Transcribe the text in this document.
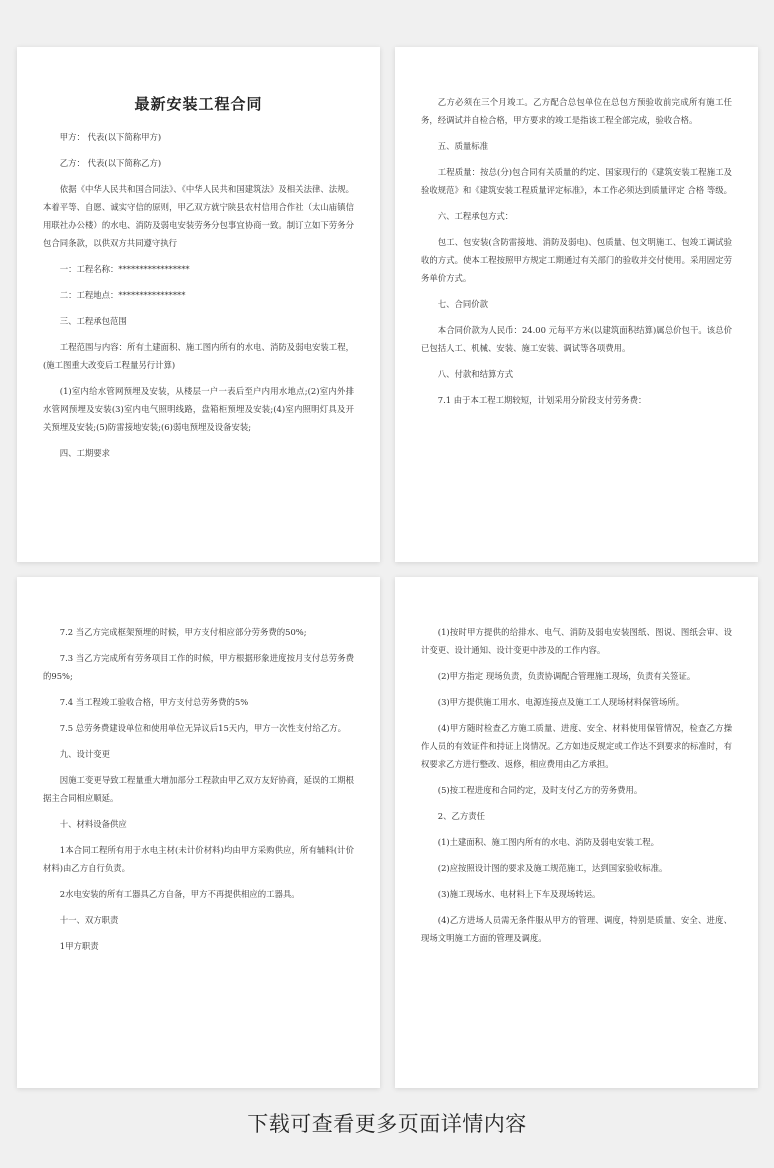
最新安装工程合同

甲方： 代表(以下简称甲方)

乙方： 代表(以下简称乙方)

依据《中华人民共和国合同法》、《中华人民共和国建筑法》及相关法律、法规。本着平等、自愿、诚实守信的原则，甲乙双方就宁陕县农村信用合作社（太山庙镇信用联社办公楼）的水电、消防及弱电安装劳务分包事宜协商一致。制订立如下劳务分包合同条款，以供双方共同遵守执行

一：工程名称：*****************

二：工程地点：****************

三、工程承包范围

工程范围与内容：所有土建面积、施工图内所有的水电、消防及弱电安装工程，(施工图重大改变后工程量另行计算)

(1)室内给水管网预埋及安装，从楼层一户一表后至户内用水地点;(2)室内外排水管网预埋及安装(3)室内电气照明线路，盘箱柜预埋及安装;(4)室内照明灯具及开关预埋及安装;(5)防雷接地安装;(6)弱电预埋及设备安装;

四、工期要求

乙方必须在三个月竣工。乙方配合总包单位在总包方预验收前完成所有施工任务，经调试并自检合格，甲方要求的竣工是指该工程全部完成，验收合格。

五、质量标准

工程质量：按总(分)包合同有关质量的约定、国家现行的《建筑安装工程施工及验收规范》和《建筑安装工程质量评定标准》，本工作必须达到质量评定 合格 等级。

六、工程承包方式：

包工、包安装(含防雷接地、消防及弱电)、包质量、包文明施工、包竣工调试验收的方式。使本工程按照甲方规定工期通过有关部门的验收并交付使用。采用固定劳务单价方式。

七、合同价款

本合同价款为人民币：24.00 元每平方米(以建筑面积结算)属总价包干。该总价已包括人工、机械、安装、施工安装、调试等各项费用。

八、付款和结算方式

7.1 由于本工程工期较短，计划采用分阶段支付劳务费：

7.2 当乙方完成框架预埋的时候，甲方支付相应部分劳务费的50%;

7.3 当乙方完成所有劳务项目工作的时候，甲方根据形象进度按月支付总劳务费的95%;

7.4 当工程竣工验收合格，甲方支付总劳务费的5%

7.5 总劳务费建设单位和使用单位无异议后15天内，甲方一次性支付给乙方。

九、设计变更

因施工变更导致工程量重大增加部分工程款由甲乙双方友好协商，延误的工期根据主合同相应顺延。

十、材料设备供应

1本合同工程所有用于水电主材(未计价材料)均由甲方采购供应，所有辅料(计价材料)由乙方自行负责。

2水电安装的所有工器具乙方自备，甲方不再提供相应的工器具。

十一、双方职责

1甲方职责

(1)按时甲方提供的给排水、电气、消防及弱电安装图纸、图说、图纸会审、设计变更、设计通知、设计变更中涉及的工作内容。

(2)甲方指定 现场负责，负责协调配合管理施工现场，负责有关签证。

(3)甲方提供施工用水、电源连接点及施工工人现场材料保管场所。

(4)甲方随时检查乙方施工质量、进度、安全、材料使用保管情况，检查乙方操作人员的有效证件和持证上岗情况。乙方如违反规定或工作达不到要求的标准时，有权要求乙方进行整改、返修，相应费用由乙方承担。

(5)按工程进度和合同约定，及时支付乙方的劳务费用。

2、乙方责任

(1)土建面积、施工图内所有的水电、消防及弱电安装工程。

(2)应按照设计图的要求及施工规范施工，达到国家验收标准。

(3)施工现场水、电材料上下车及现场转运。

(4)乙方进场人员需无条件服从甲方的管理、调度，特别是质量、安全、进度、现场文明施工方面的管理及调度。

下载可查看更多页面详情内容
